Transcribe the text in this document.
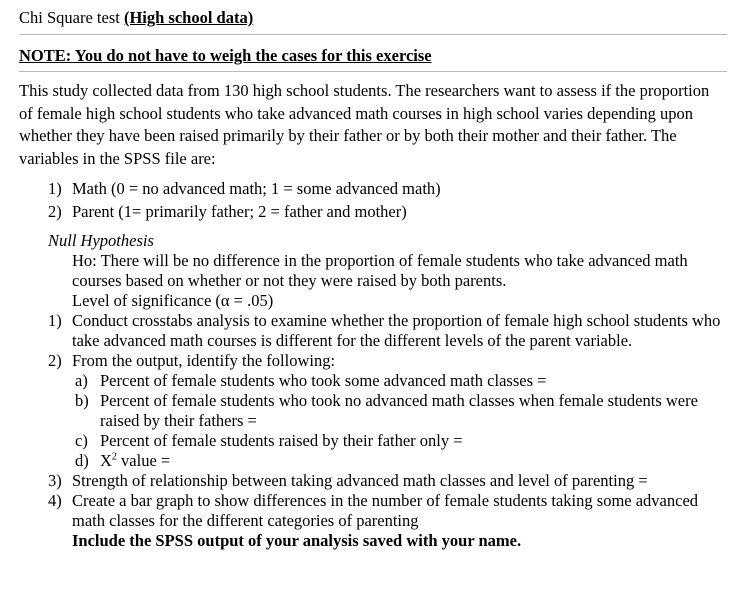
Chi Square test (High school data)
NOTE: You do not have to weigh the cases for this exercise
This study collected data from 130 high school students. The researchers want to assess if the proportion of female high school students who take advanced math courses in high school varies depending upon whether they have been raised primarily by their father or by both their mother and their father. The variables in the SPSS file are:
1) Math (0 = no advanced math; 1 = some advanced math)
2) Parent (1= primarily father; 2 = father and mother)
Null Hypothesis
Ho: There will be no difference in the proportion of female students who take advanced math courses based on whether or not they were raised by both parents.
Level of significance (α = .05)
1) Conduct crosstabs analysis to examine whether the proportion of female high school students who take advanced math courses is different for the different levels of the parent variable.
2) From the output, identify the following:
a) Percent of female students who took some advanced math classes =
b) Percent of female students who took no advanced math classes when female students were raised by their fathers =
c) Percent of female students raised by their father only =
d) $X^2$ value =
3) Strength of relationship between taking advanced math classes and level of parenting =
4) Create a bar graph to show differences in the number of female students taking some advanced math classes for the different categories of parenting
Include the SPSS output of your analysis saved with your name.
